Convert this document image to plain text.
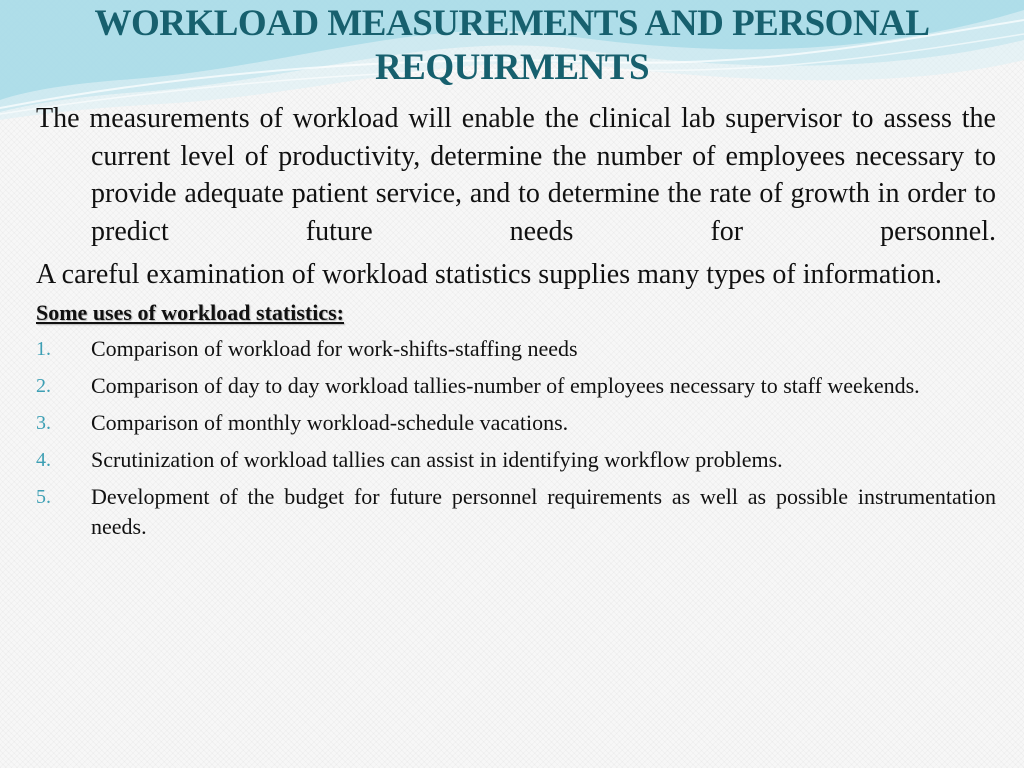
WORKLOAD MEASUREMENTS AND PERSONAL
REQUIRMENTS

The measurements of workload will enable the clinical lab supervisor to assess the current level of productivity, determine the number of employees necessary to provide adequate patient service, and to determine the rate of growth in order to predict future needs for personnel.

A careful examination of workload statistics supplies many types of information.

Some uses of workload statistics:
1. Comparison of workload for work-shifts-staffing needs
2. Comparison of day to day workload tallies-number of employees necessary to staff weekends.
3. Comparison of monthly workload-schedule vacations.
4. Scrutinization of workload tallies can assist in identifying workflow problems.
5. Development of the budget for future personnel requirements as well as possible instrumentation needs.
